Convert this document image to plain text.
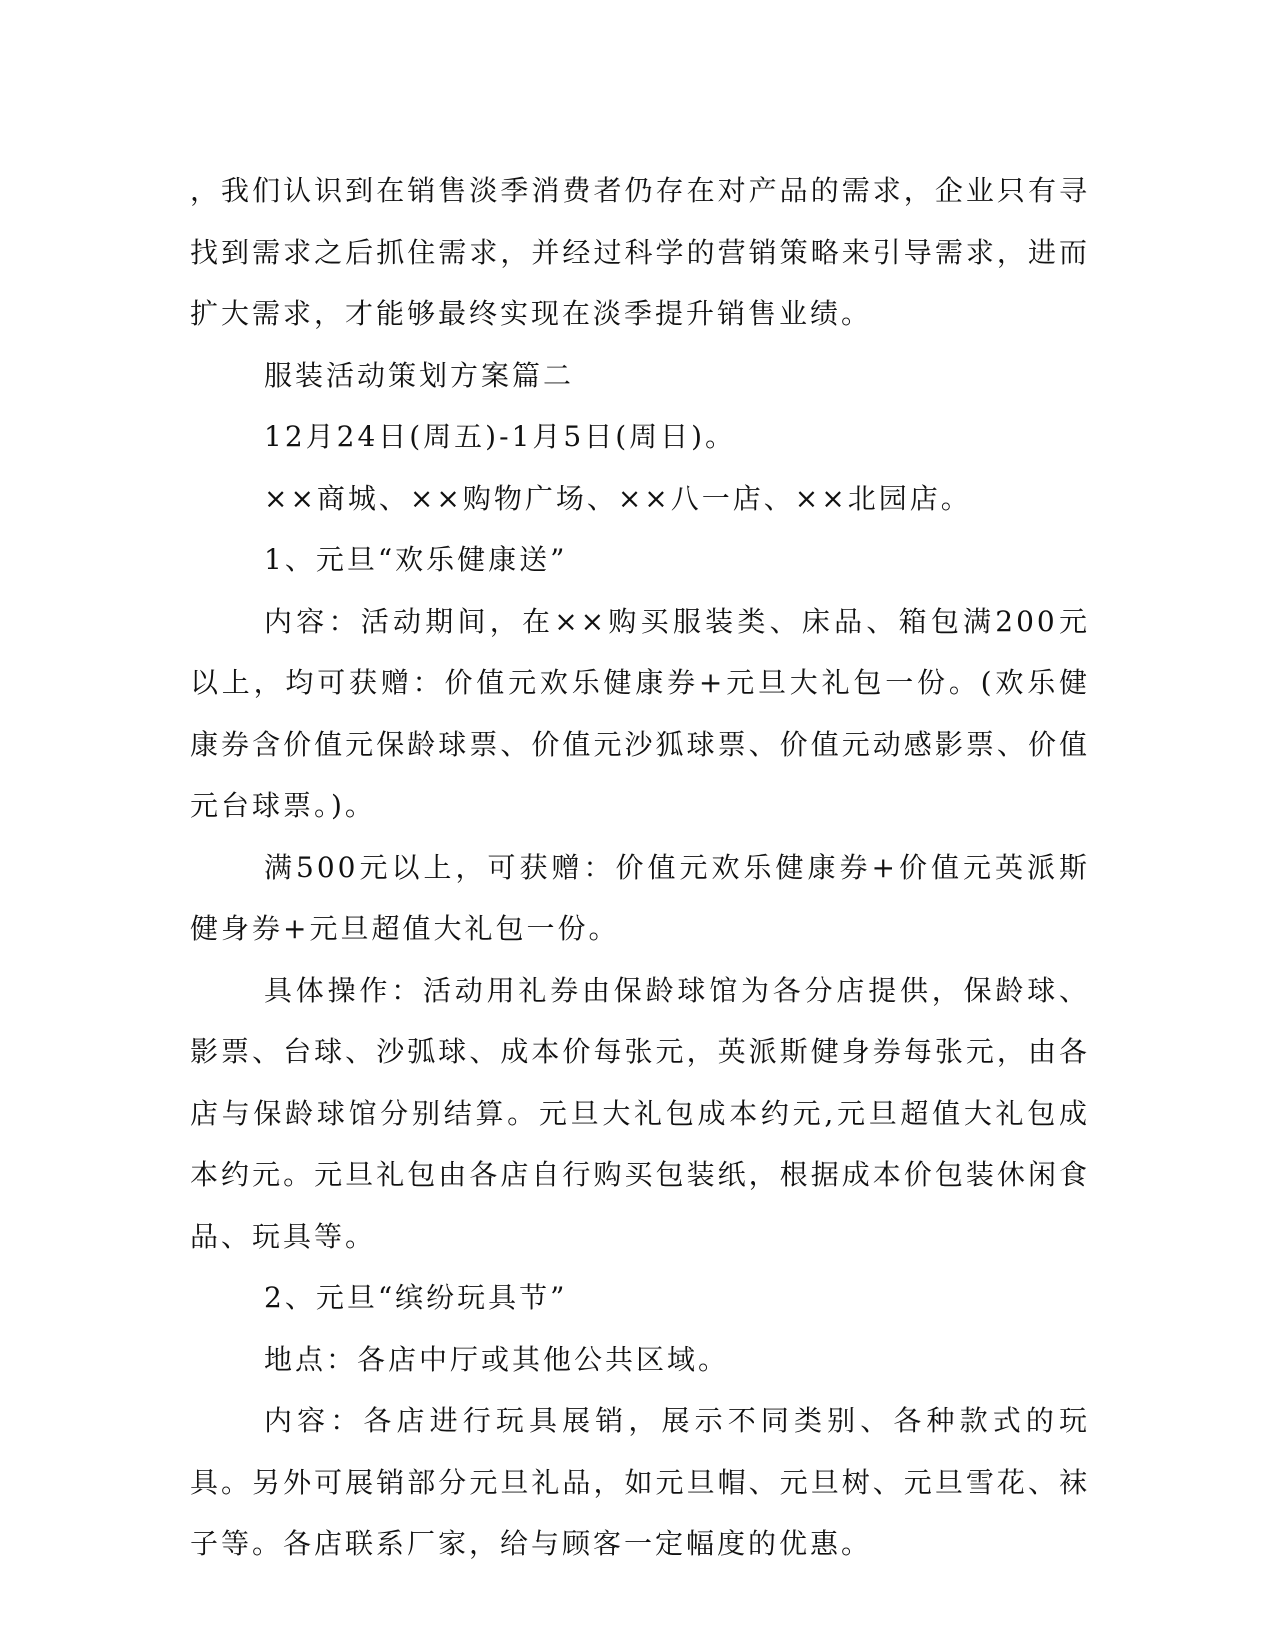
，我们认识到在销售淡季消费者仍存在对产品的需求，企业只有寻找到需求之后抓住需求，并经过科学的营销策略来引导需求，进而扩大需求，才能够最终实现在淡季提升销售业绩。

服装活动策划方案篇二

12月24日(周五)-1月5日(周日)。

××商城、××购物广场、××八一店、××北园店。

1、元旦“欢乐健康送”

内容：活动期间，在××购买服装类、床品、箱包满200元以上，均可获赠：价值元欢乐健康券+元旦大礼包一份。(欢乐健康券含价值元保龄球票、价值元沙狐球票、价值元动感影票、价值元台球票。)。

满500元以上，可获赠：价值元欢乐健康券+价值元英派斯健身券+元旦超值大礼包一份。

具体操作：活动用礼券由保龄球馆为各分店提供，保龄球、影票、台球、沙弧球、成本价每张元，英派斯健身券每张元，由各店与保龄球馆分别结算。元旦大礼包成本约元,元旦超值大礼包成本约元。元旦礼包由各店自行购买包装纸，根据成本价包装休闲食品、玩具等。

2、元旦“缤纷玩具节”

地点：各店中厅或其他公共区域。

内容：各店进行玩具展销，展示不同类别、各种款式的玩具。另外可展销部分元旦礼品，如元旦帽、元旦树、元旦雪花、袜子等。各店联系厂家，给与顾客一定幅度的优惠。
